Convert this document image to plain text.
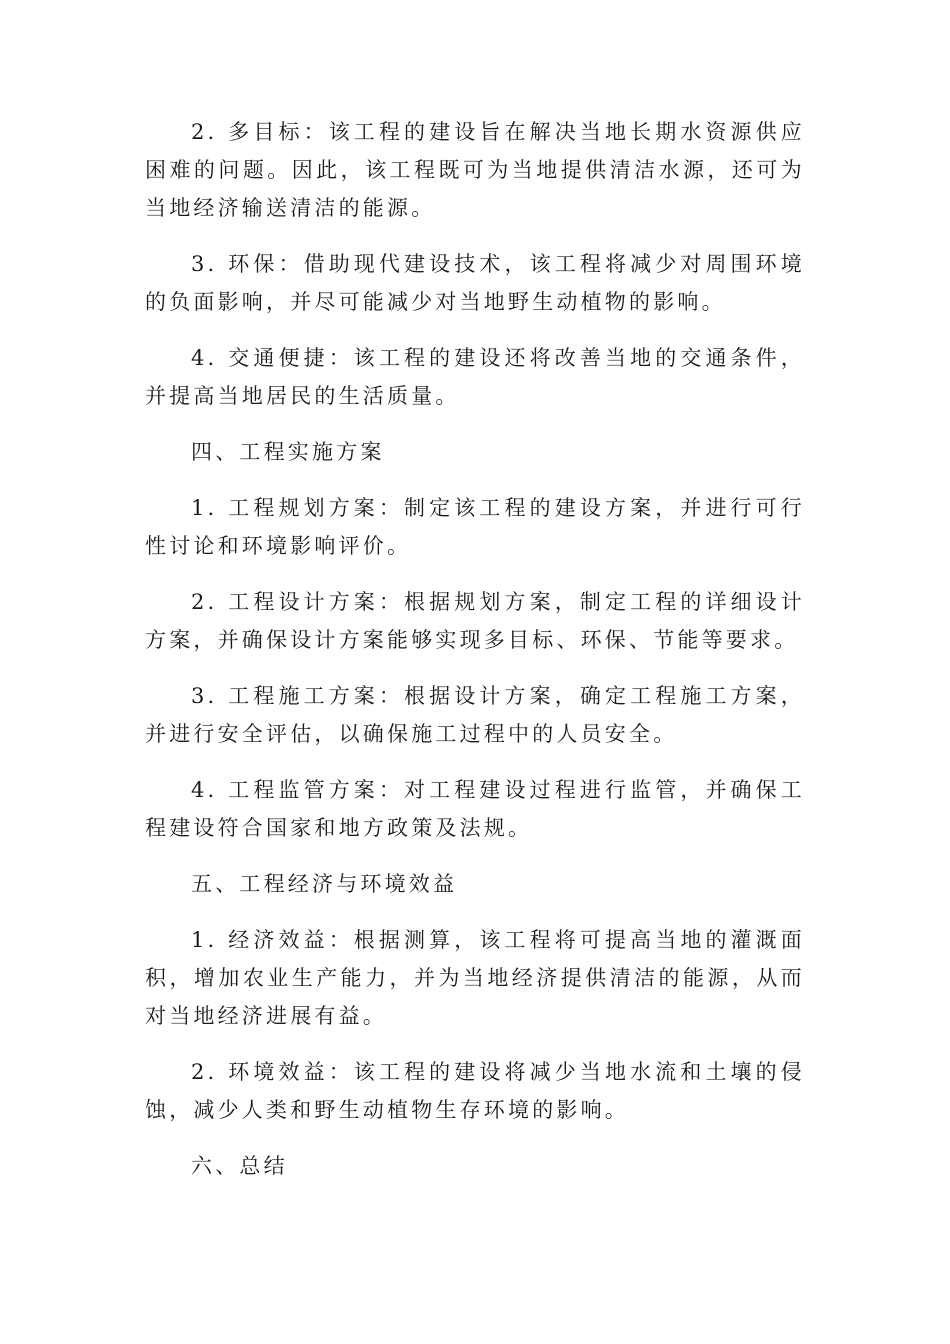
2. 多目标：该工程的建设旨在解决当地长期水资源供应困难的问题。因此，该工程既可为当地提供清洁水源，还可为当地经济输送清洁的能源。

3. 环保：借助现代建设技术，该工程将减少对周围环境的负面影响，并尽可能减少对当地野生动植物的影响。

4. 交通便捷：该工程的建设还将改善当地的交通条件，并提高当地居民的生活质量。

四、工程实施方案

1. 工程规划方案：制定该工程的建设方案，并进行可行性讨论和环境影响评价。

2. 工程设计方案：根据规划方案，制定工程的详细设计方案，并确保设计方案能够实现多目标、环保、节能等要求。

3. 工程施工方案：根据设计方案，确定工程施工方案，并进行安全评估，以确保施工过程中的人员安全。

4. 工程监管方案：对工程建设过程进行监管，并确保工程建设符合国家和地方政策及法规。

五、工程经济与环境效益

1. 经济效益：根据测算，该工程将可提高当地的灌溉面积，增加农业生产能力，并为当地经济提供清洁的能源，从而对当地经济进展有益。

2. 环境效益：该工程的建设将减少当地水流和土壤的侵蚀，减少人类和野生动植物生存环境的影响。

六、总结
